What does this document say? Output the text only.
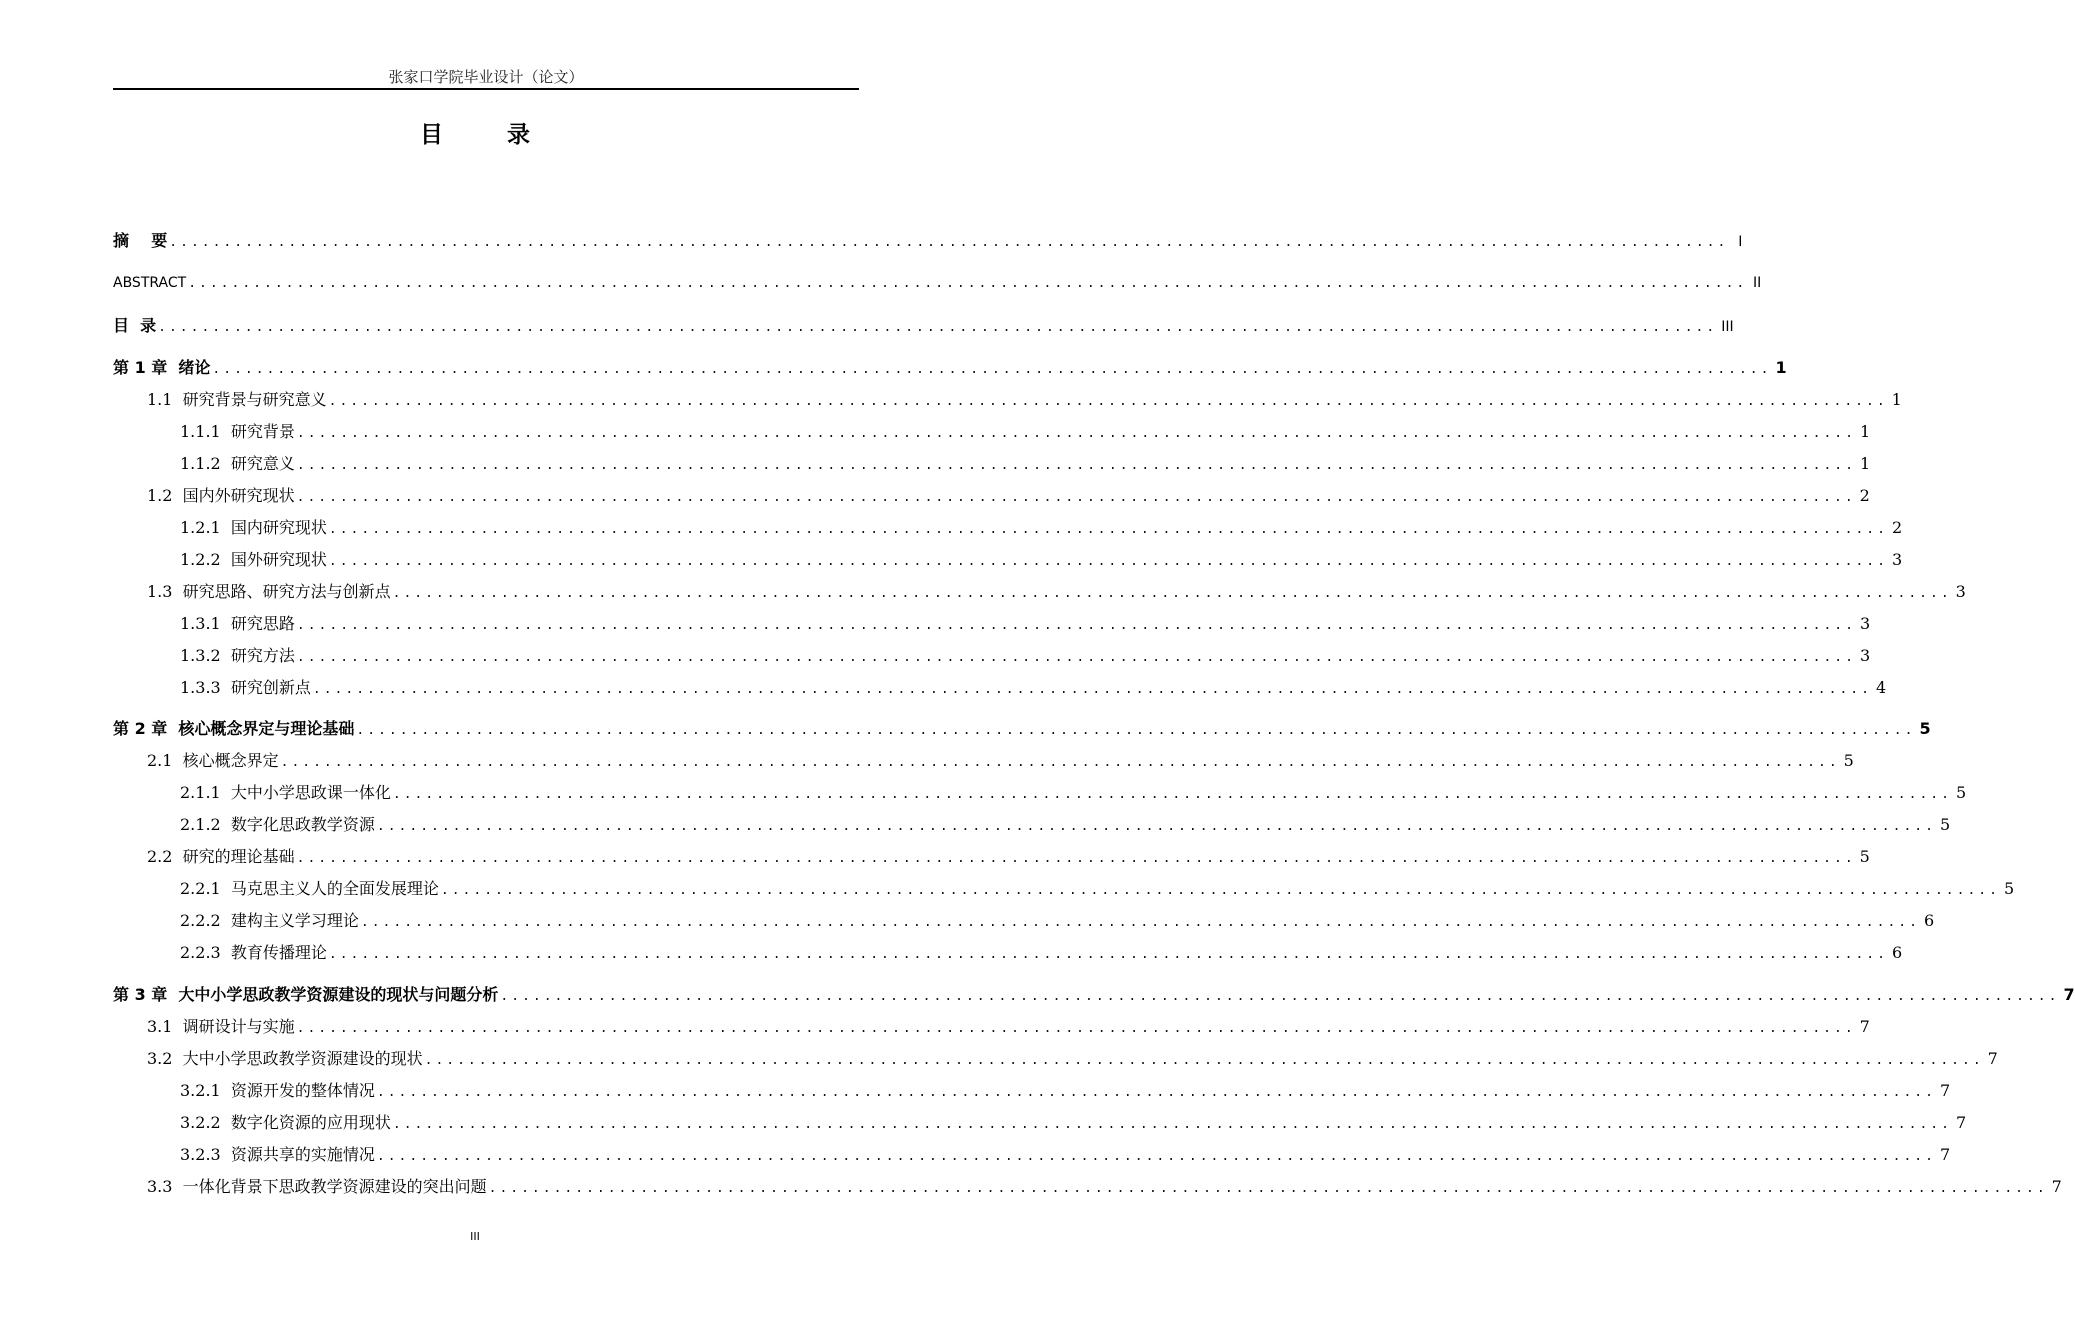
张家口学院毕业设计（论文）
目 录
摘    要 ................................................................................................................................................ I
ABSTRACT ................................................................................................................................................ II
目  录 ................................................................................................................................................ III
第 1 章  绪论 ................................................................................................................................................ 1
1.1  研究背景与研究意义 ................................................................................................................................................ 1
1.1.1  研究背景 ................................................................................................................................................ 1
1.1.2  研究意义 ................................................................................................................................................ 1
1.2  国内外研究现状 ................................................................................................................................................ 2
1.2.1  国内研究现状 ................................................................................................................................................ 2
1.2.2  国外研究现状 ................................................................................................................................................ 3
1.3  研究思路、研究方法与创新点 ................................................................................................................................................ 3
1.3.1  研究思路 ................................................................................................................................................ 3
1.3.2  研究方法 ................................................................................................................................................ 3
1.3.3  研究创新点 ................................................................................................................................................ 4
第 2 章  核心概念界定与理论基础 ................................................................................................................................................ 5
2.1  核心概念界定 ................................................................................................................................................ 5
2.1.1  大中小学思政课一体化 ................................................................................................................................................ 5
2.1.2  数字化思政教学资源 ................................................................................................................................................ 5
2.2  研究的理论基础 ................................................................................................................................................ 5
2.2.1  马克思主义人的全面发展理论 ................................................................................................................................................ 5
2.2.2  建构主义学习理论 ................................................................................................................................................ 6
2.2.3  教育传播理论 ................................................................................................................................................ 6
第 3 章  大中小学思政教学资源建设的现状与问题分析 ................................................................................................................................................ 7
3.1  调研设计与实施 ................................................................................................................................................ 7
3.2  大中小学思政教学资源建设的现状 ................................................................................................................................................ 7
3.2.1  资源开发的整体情况 ................................................................................................................................................ 7
3.2.2  数字化资源的应用现状 ................................................................................................................................................ 7
3.2.3  资源共享的实施情况 ................................................................................................................................................ 7
3.3  一体化背景下思政教学资源建设的突出问题 ................................................................................................................................................ 7
III
